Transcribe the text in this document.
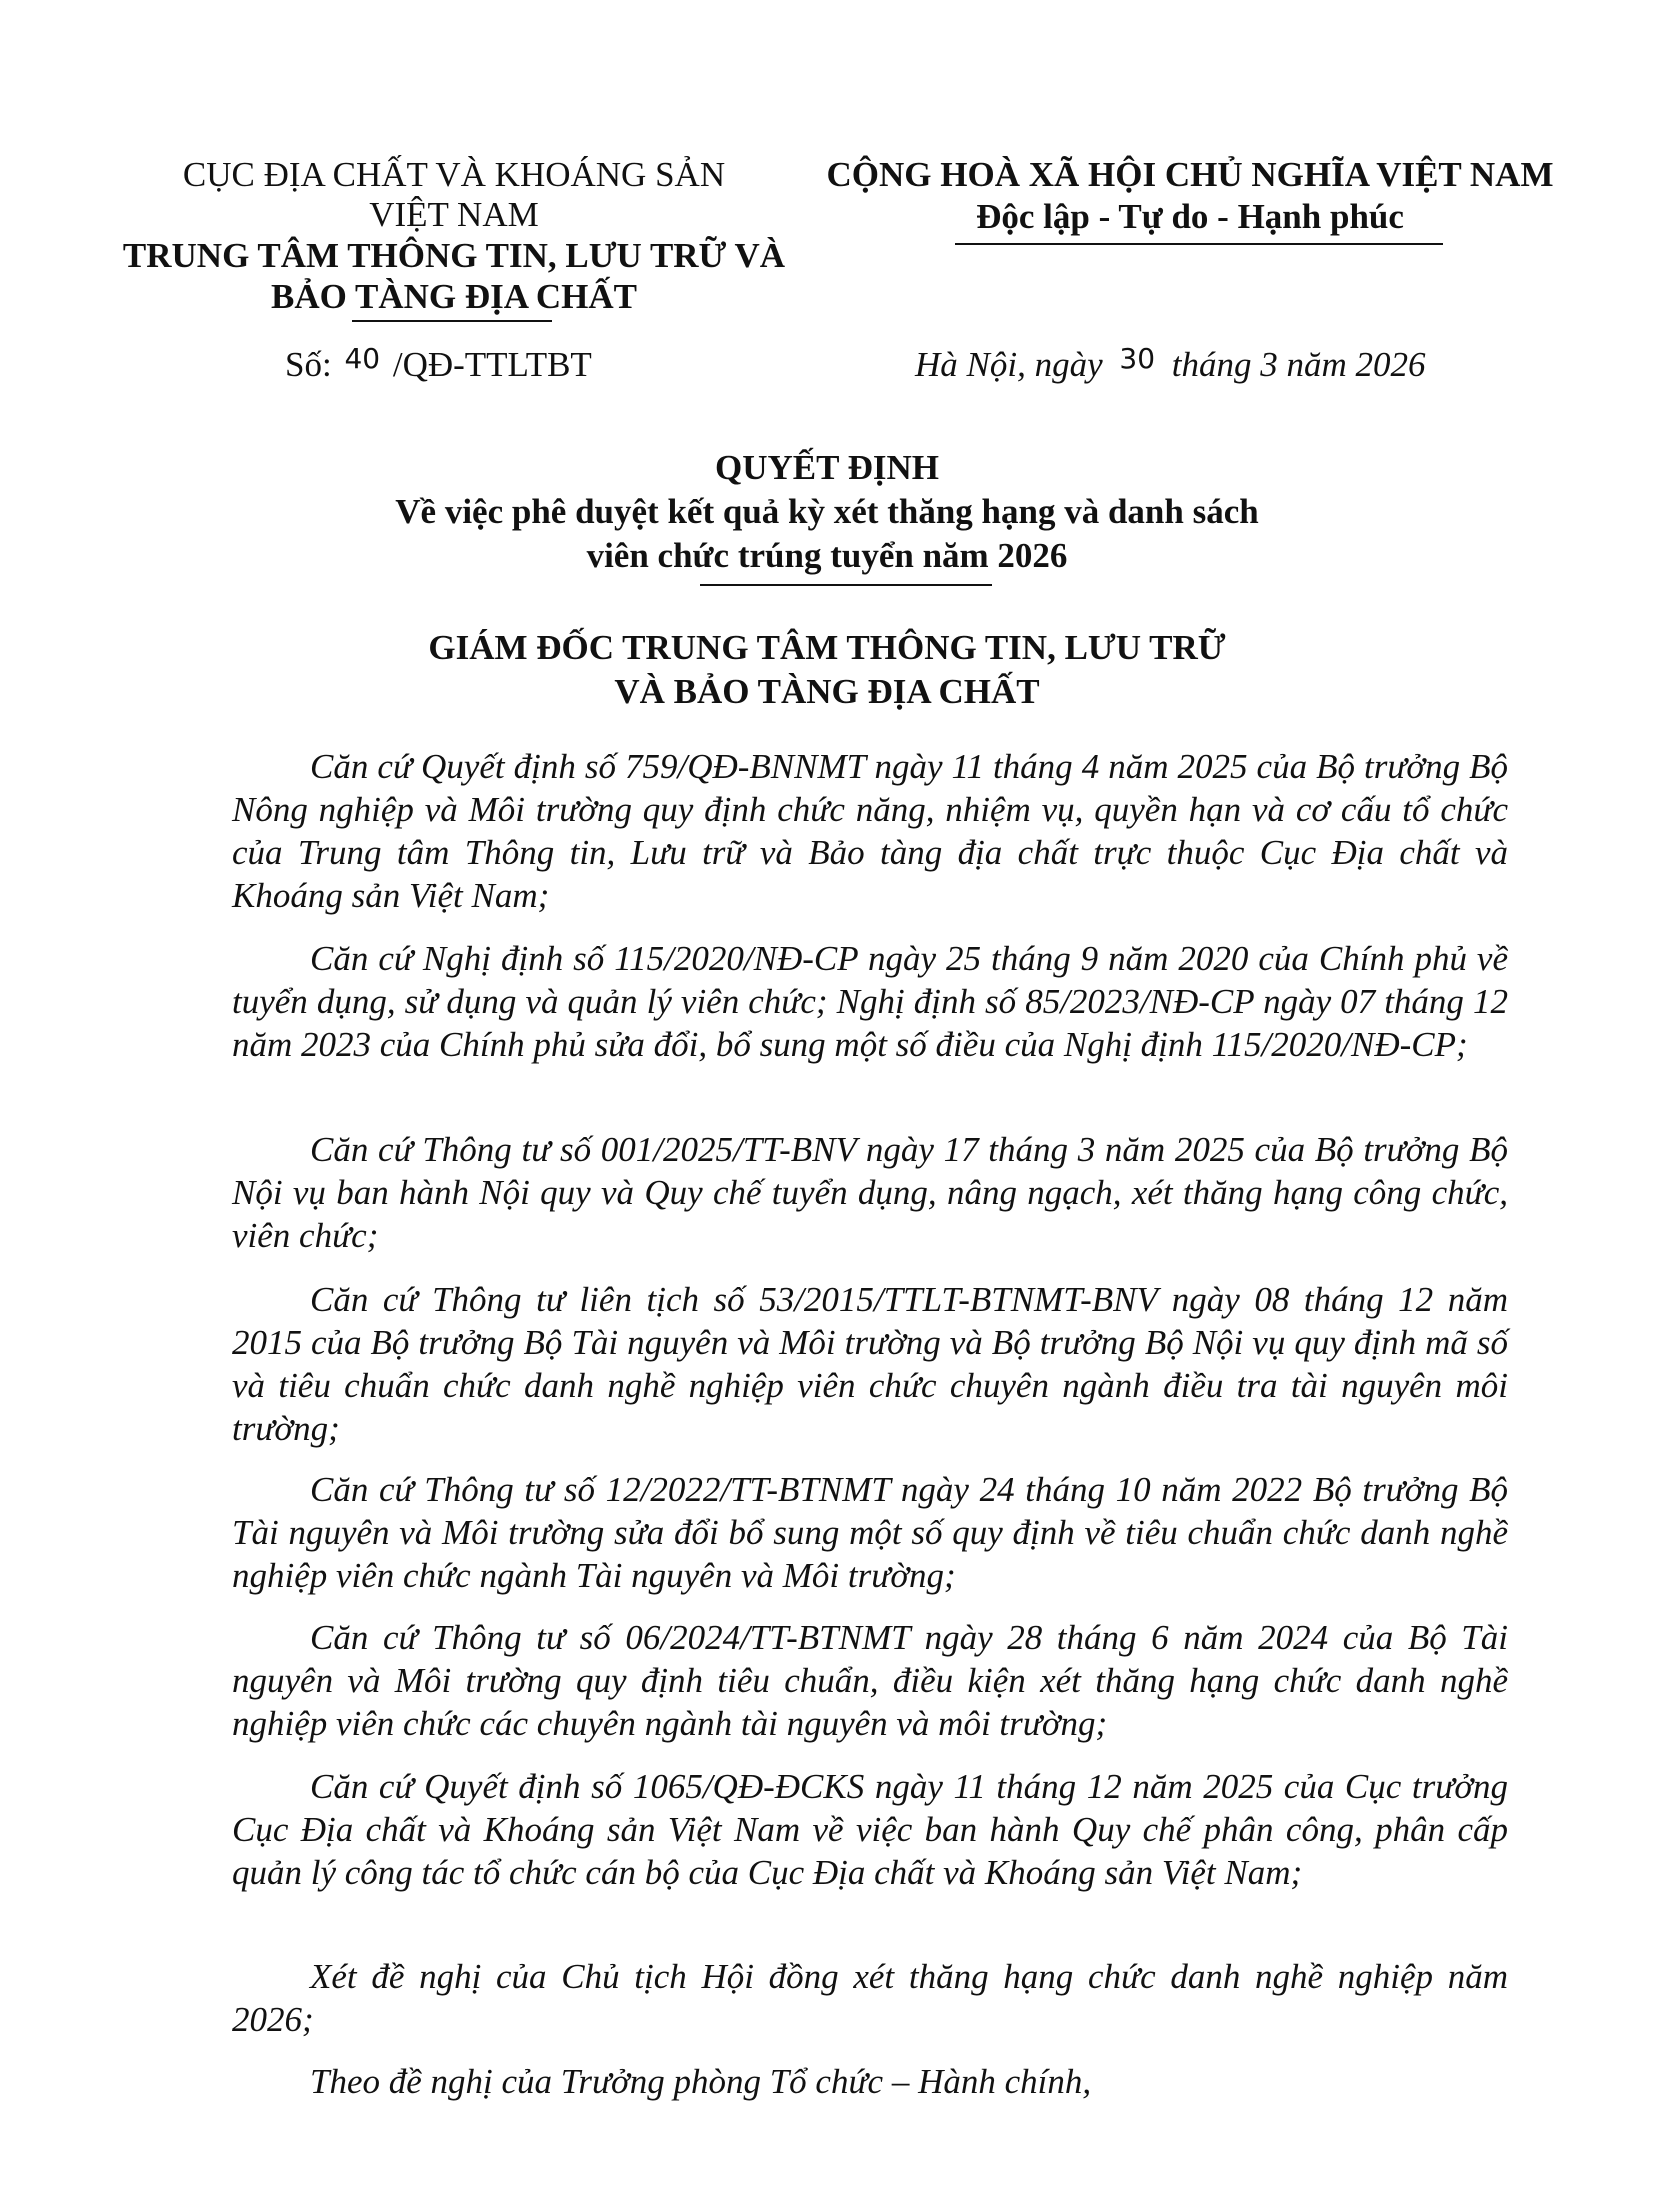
CỤC ĐỊA CHẤT VÀ KHOÁNG SẢN
VIỆT NAM
TRUNG TÂM THÔNG TIN, LƯU TRỮ VÀ
BẢO TÀNG ĐỊA CHẤT
Số: 40 /QĐ-TTLTBT
CỘNG HOÀ XÃ HỘI CHỦ NGHĨA VIỆT NAM
Độc lập - Tự do - Hạnh phúc
Hà Nội, ngày 30 tháng 3 năm 2026
QUYẾT ĐỊNH
Về việc phê duyệt kết quả kỳ xét thăng hạng và danh sách
viên chức trúng tuyển năm 2026
GIÁM ĐỐC TRUNG TÂM THÔNG TIN, LƯU TRỮ
VÀ BẢO TÀNG ĐỊA CHẤT

Căn cứ Quyết định số 759/QĐ-BNNMT ngày 11 tháng 4 năm 2025 của Bộ trưởng Bộ Nông nghiệp và Môi trường quy định chức năng, nhiệm vụ, quyền hạn và cơ cấu tổ chức của Trung tâm Thông tin, Lưu trữ và Bảo tàng địa chất trực thuộc Cục Địa chất và Khoáng sản Việt Nam;

Căn cứ Nghị định số 115/2020/NĐ-CP ngày 25 tháng 9 năm 2020 của Chính phủ về tuyển dụng, sử dụng và quản lý viên chức; Nghị định số 85/2023/NĐ-CP ngày 07 tháng 12 năm 2023 của Chính phủ sửa đổi, bổ sung một số điều của Nghị định 115/2020/NĐ-CP;

Căn cứ Thông tư số 001/2025/TT-BNV ngày 17 tháng 3 năm 2025 của Bộ trưởng Bộ Nội vụ ban hành Nội quy và Quy chế tuyển dụng, nâng ngạch, xét thăng hạng công chức, viên chức;

Căn cứ Thông tư liên tịch số 53/2015/TTLT-BTNMT-BNV ngày 08 tháng 12 năm 2015 của Bộ trưởng Bộ Tài nguyên và Môi trường và Bộ trưởng Bộ Nội vụ quy định mã số và tiêu chuẩn chức danh nghề nghiệp viên chức chuyên ngành điều tra tài nguyên môi trường;

Căn cứ Thông tư số 12/2022/TT-BTNMT ngày 24 tháng 10 năm 2022 Bộ trưởng Bộ Tài nguyên và Môi trường sửa đổi bổ sung một số quy định về tiêu chuẩn chức danh nghề nghiệp viên chức ngành Tài nguyên và Môi trường;

Căn cứ Thông tư số 06/2024/TT-BTNMT ngày 28 tháng 6 năm 2024 của Bộ Tài nguyên và Môi trường quy định tiêu chuẩn, điều kiện xét thăng hạng chức danh nghề nghiệp viên chức các chuyên ngành tài nguyên và môi trường;

Căn cứ Quyết định số 1065/QĐ-ĐCKS ngày 11 tháng 12 năm 2025 của Cục trưởng Cục Địa chất và Khoáng sản Việt Nam về việc ban hành Quy chế phân công, phân cấp quản lý công tác tổ chức cán bộ của Cục Địa chất và Khoáng sản Việt Nam;

Xét đề nghị của Chủ tịch Hội đồng xét thăng hạng chức danh nghề nghiệp năm 2026;

Theo đề nghị của Trưởng phòng Tổ chức – Hành chính,
